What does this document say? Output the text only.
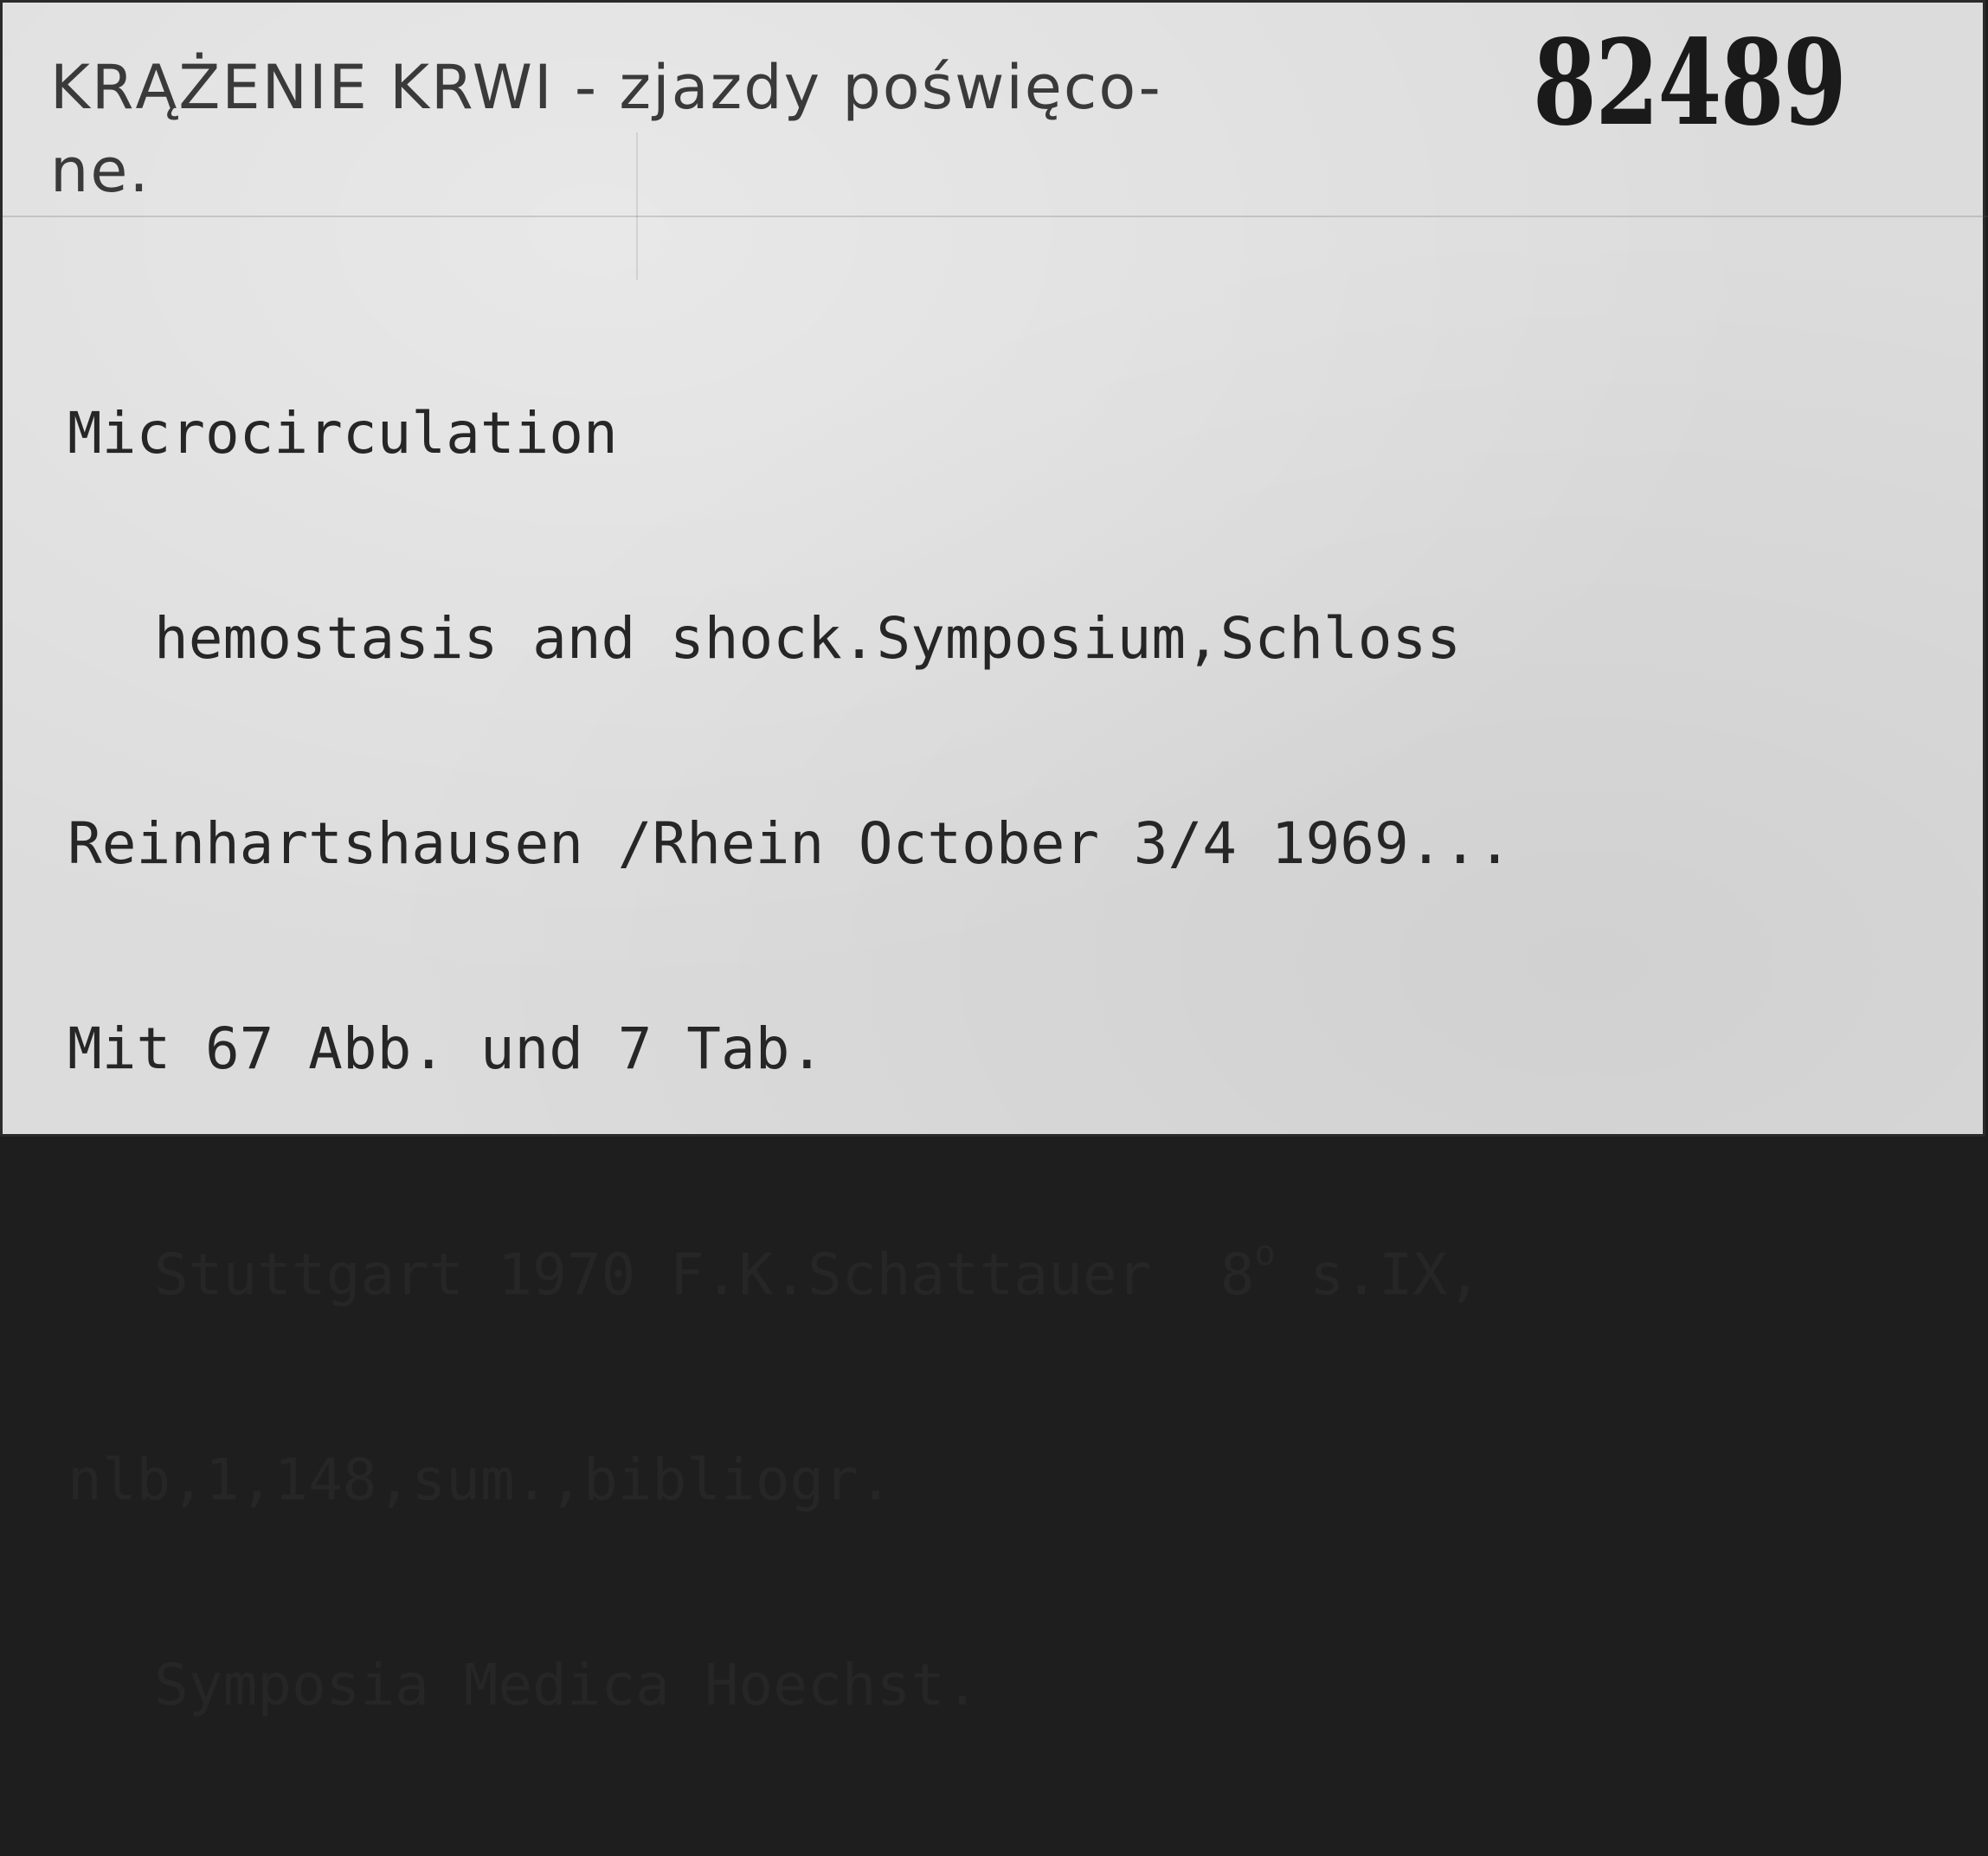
KRĄŻENIE KRWI - zjazdy poświęco-
ne.
82489

Microcirculation

hemostasis and shock.Symposium,Schloss

Reinhartshausen /Rhein October 3/4 1969...

Mit 67 Abb. und 7 Tab.

Stuttgart 1970 F.K.Schattauer  8$^o$ s.IX,

nlb,1,148,sum.,bibliogr.

Symposia Medica Hoechst.
